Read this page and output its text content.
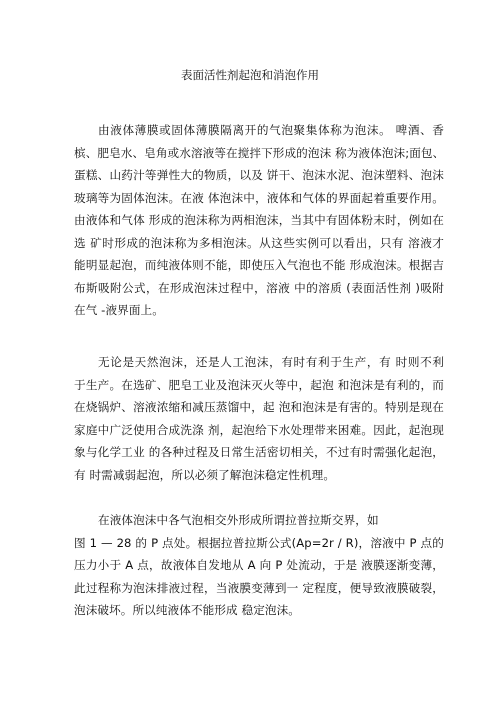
表面活性剂起泡和消泡作用
由液体薄膜或固体薄膜隔离开的气泡聚集体称为泡沫。 啤酒、香
槟、肥皂水、皂角或水溶液等在搅拌下形成的泡沫 称为液体泡沫;面包、
蛋糕、山药汁等弹性大的物质，以及 饼干、泡沫水泥、泡沫塑料、泡沫
玻璃等为固体泡沫。在液 体泡沫中，液体和气体的界面起着重要作用。
由液体和气体 形成的泡沫称为两相泡沫，当其中有固体粉末时，例如在
选 矿时形成的泡沫称为多相泡沫。从这些实例可以看出，只有 溶液才
能明显起泡，而纯液体则不能，即使压入气泡也不能 形成泡沫。根据吉
布斯吸附公式，在形成泡沫过程中，溶液 中的溶质 (表面活性剂 )吸附
在气 -液界面上。
无论是天然泡沫，还是人工泡沫，有时有利于生产，有 时则不利
于生产。在选矿、肥皂工业及泡沫灭火等中，起泡 和泡沫是有利的，而
在烧锅炉、溶液浓缩和减压蒸馏中，起 泡和泡沫是有害的。特别是现在
家庭中广泛使用合成洗涤 剂，起泡给下水处理带来困难。因此，起泡现
象与化学工业 的各种过程及日常生活密切相关，不过有时需强化起泡，
有 时需减弱起泡，所以必须了解泡沫稳定性机理。
在液体泡沫中各气泡相交外形成所谓拉普拉斯交界，如
图 1 — 28 的 P 点处。根据拉普拉斯公式(Ap=2r / R)，溶液中 P 点的
压力小于 A 点，故液体自发地从 A 向 P 处流动，于是 液膜逐渐变薄，
此过程称为泡沫排液过程，当液膜变薄到一 定程度，便导致液膜破裂，
泡沫破坏。所以纯液体不能形成 稳定泡沫。
